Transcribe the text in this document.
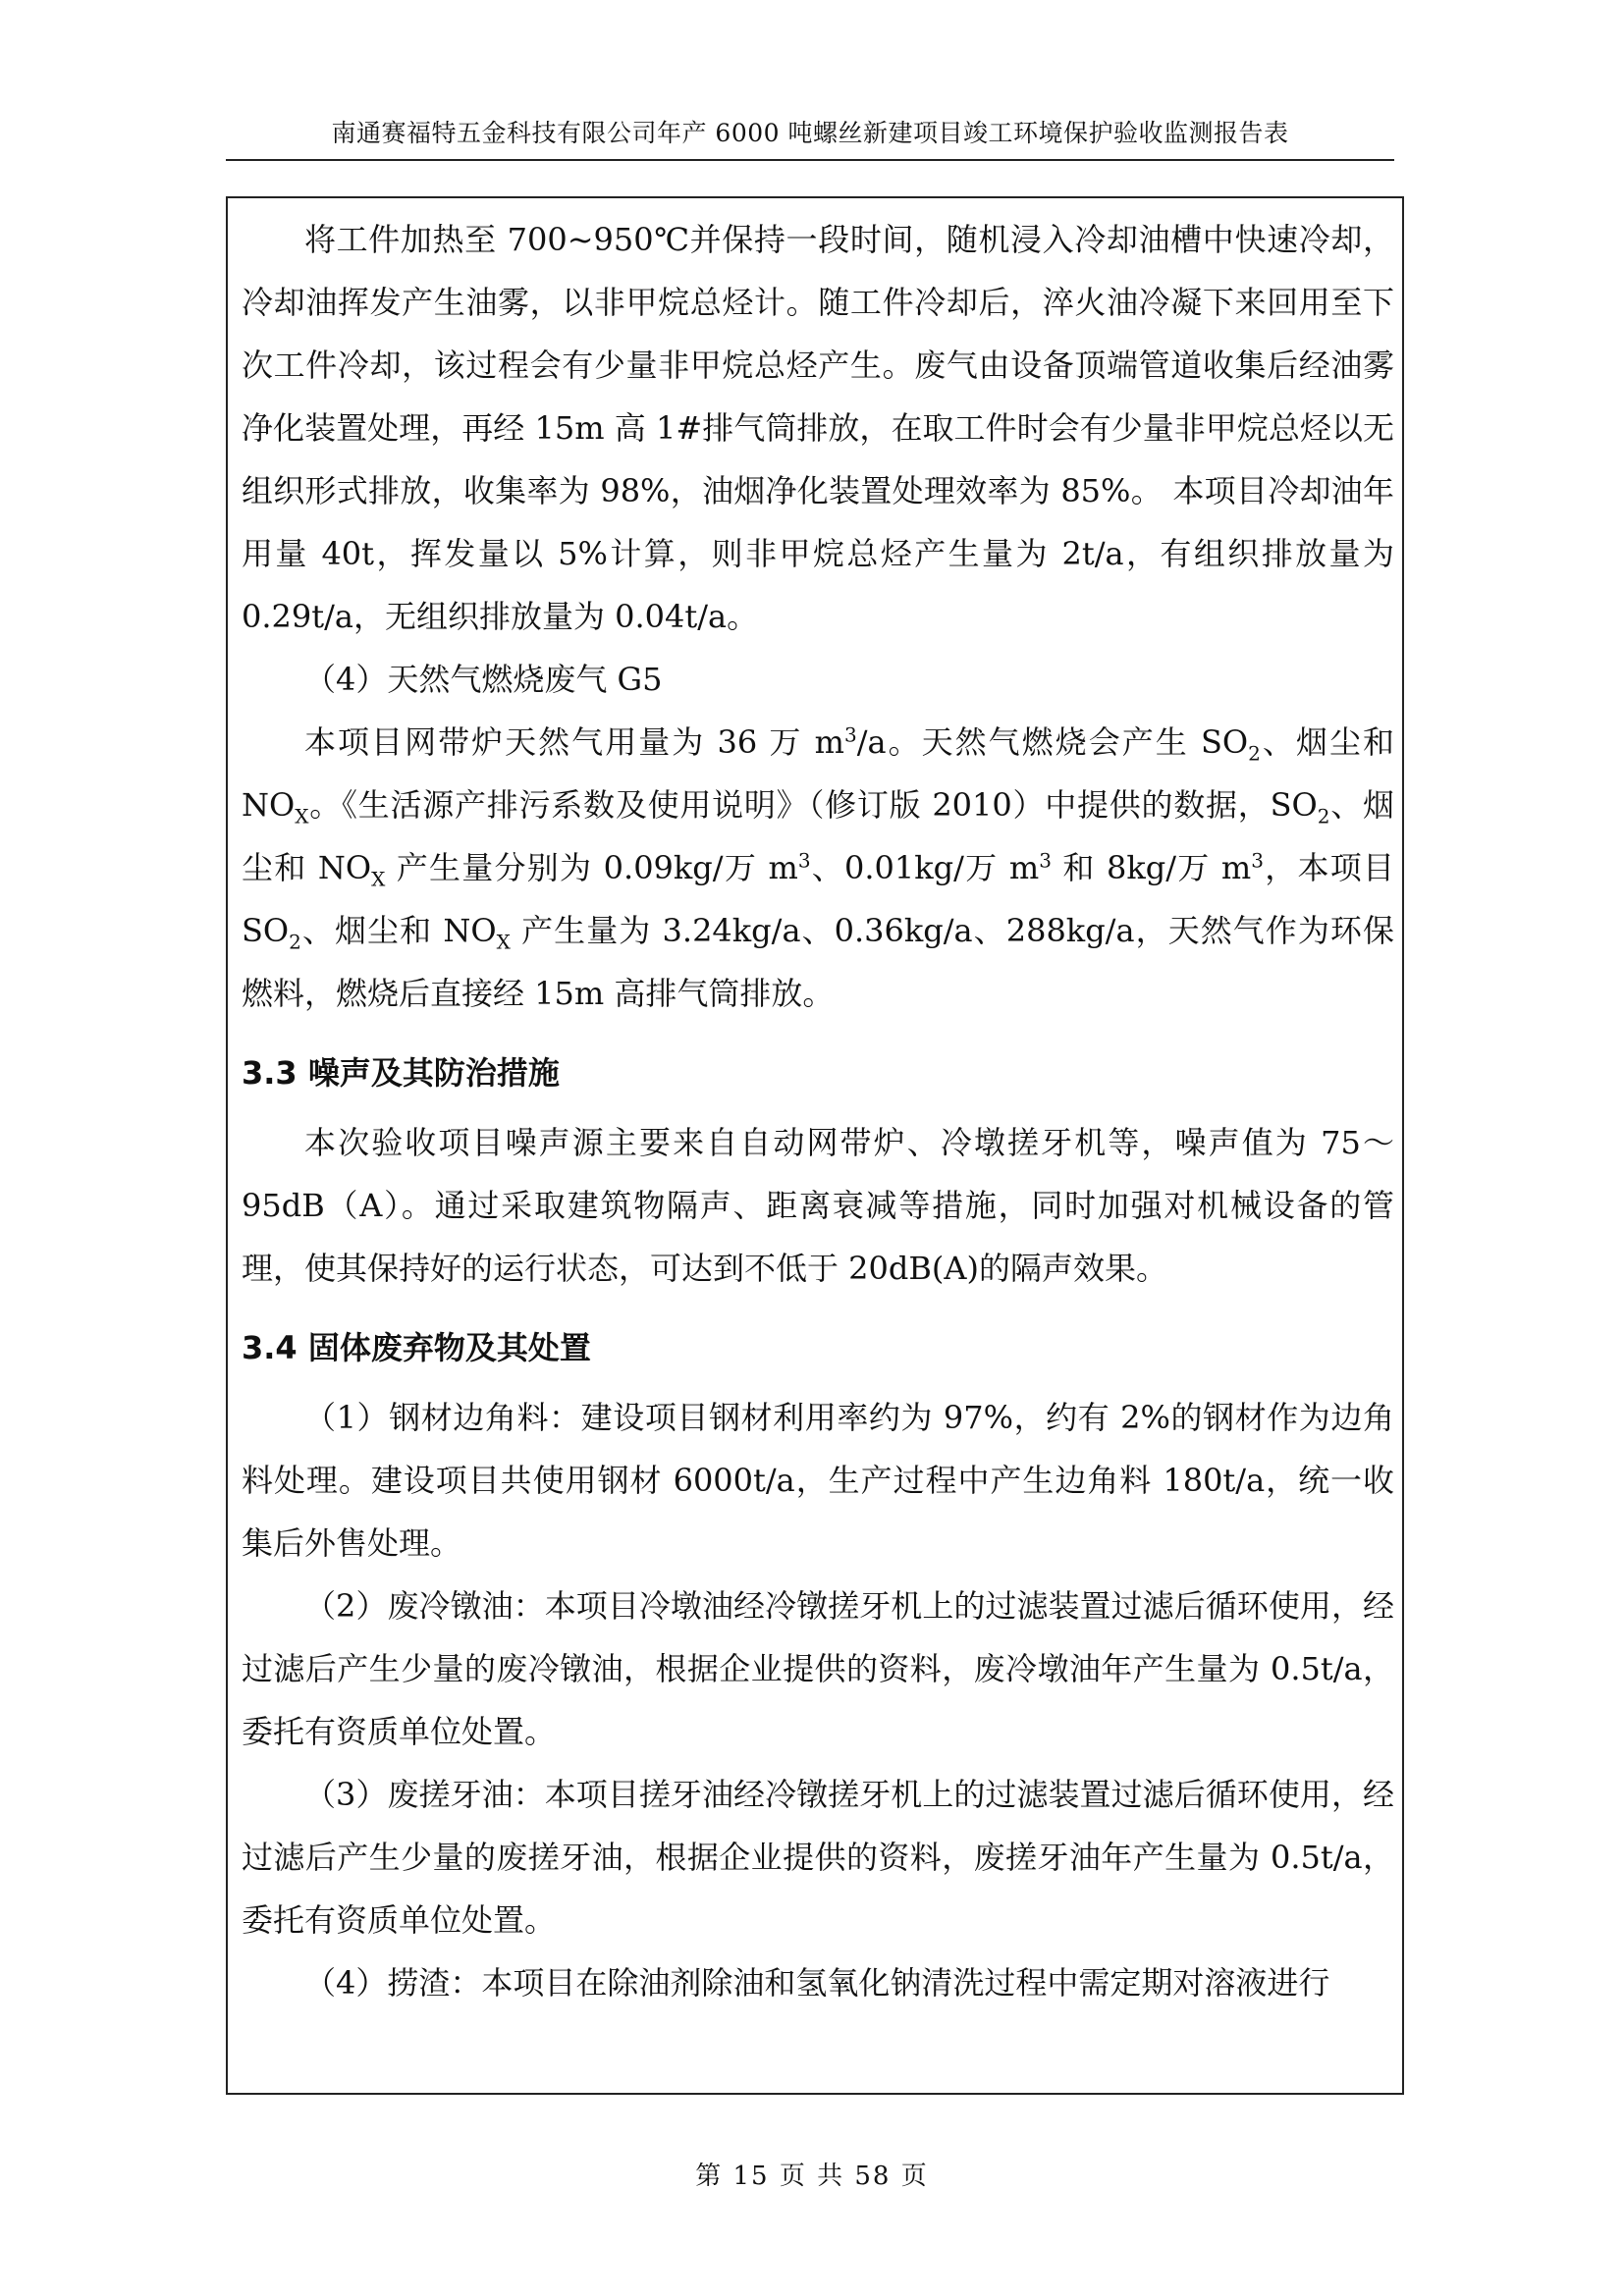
南通赛福特五金科技有限公司年产 6000 吨螺丝新建项目竣工环境保护验收监测报告表

将工件加热至 700~950℃并保持一段时间，随机浸入冷却油槽中快速冷却，冷却油挥发产生油雾，以非甲烷总烃计。随工件冷却后，淬火油冷凝下来回用至下次工件冷却，该过程会有少量非甲烷总烃产生。废气由设备顶端管道收集后经油雾净化装置处理，再经 15m 高 1#排气筒排放，在取工件时会有少量非甲烷总烃以无组织形式排放，收集率为 98%，油烟净化装置处理效率为 85%。 本项目冷却油年用量 40t，挥发量以 5%计算，则非甲烷总烃产生量为 2t/a，有组织排放量为 0.29t/a，无组织排放量为 0.04t/a。

（4）天然气燃烧废气 G5

本项目网带炉天然气用量为 36 万 $m^3/a$。天然气燃烧会产生 $SO_2$、烟尘和 $NO_X$。《生活源产排污系数及使用说明》（修订版 2010）中提供的数据，$SO_2$、烟尘和 $NO_X$ 产生量分别为 0.09kg/万 $m^3$、0.01kg/万 $m^3$ 和 8kg/万 $m^3$，本项目 $SO_2$、烟尘和 $NO_X$ 产生量为 3.24kg/a、0.36kg/a、288kg/a，天然气作为环保燃料，燃烧后直接经 15m 高排气筒排放。

3.3 噪声及其防治措施

本次验收项目噪声源主要来自自动网带炉、冷墩搓牙机等，噪声值为 75～95dB（A）。通过采取建筑物隔声、距离衰减等措施，同时加强对机械设备的管理，使其保持好的运行状态，可达到不低于 20dB(A)的隔声效果。

3.4 固体废弃物及其处置

（1）钢材边角料：建设项目钢材利用率约为 97%，约有 2%的钢材作为边角料处理。建设项目共使用钢材 6000t/a，生产过程中产生边角料 180t/a，统一收集后外售处理。

（2）废冷镦油：本项目冷墩油经冷镦搓牙机上的过滤装置过滤后循环使用，经过滤后产生少量的废冷镦油，根据企业提供的资料，废冷墩油年产生量为 0.5t/a，委托有资质单位处置。

（3）废搓牙油：本项目搓牙油经冷镦搓牙机上的过滤装置过滤后循环使用，经过滤后产生少量的废搓牙油，根据企业提供的资料，废搓牙油年产生量为 0.5t/a，委托有资质单位处置。

（4）捞渣：本项目在除油剂除油和氢氧化钠清洗过程中需定期对溶液进行

第 15 页 共 58 页
